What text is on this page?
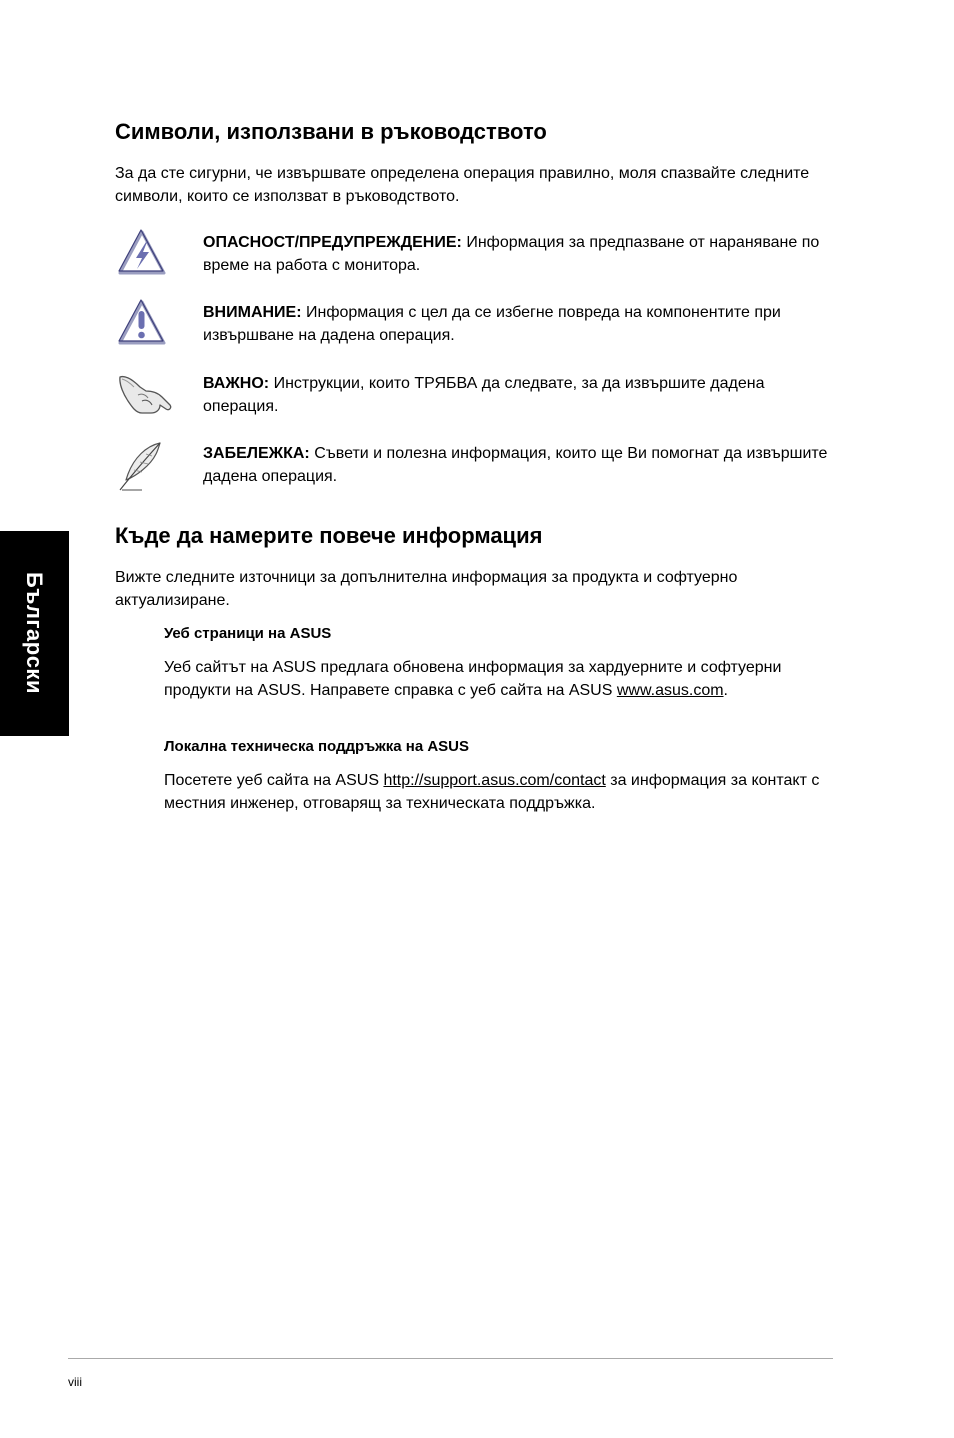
Български
Символи, използвани в ръководството

За да сте сигурни, че извършвате определена операция правилно, моля спазвайте следните символи, които се използват в ръководството.

ОПАСНОСТ/ПРЕДУПРЕЖДЕНИЕ: Информация за предпазване от нараняване по време на работа с монитора.

ВНИМАНИЕ: Информация с цел да се избегне повреда на компонентите при извършване на дадена операция.

ВАЖНО: Инструкции, които ТРЯБВА да следвате, за да извършите дадена операция.

ЗАБЕЛЕЖКА: Съвети и полезна информация, които ще Ви помогнат да извършите дадена операция.

Къде да намерите повече информация

Вижте следните източници за допълнителна информация за продукта и софтуерно актуализиране.

Уеб страници на ASUS

Уеб сайтът на ASUS предлага обновена информация за хардуерните и софтуерни продукти на ASUS. Направете справка с уеб сайта на ASUS www.asus.com.

Локална техническа поддръжка на ASUS

Посетете уеб сайта на ASUS http://support.asus.com/contact за информация за контакт с местния инженер, отговарящ за техническата поддръжка.

viii
